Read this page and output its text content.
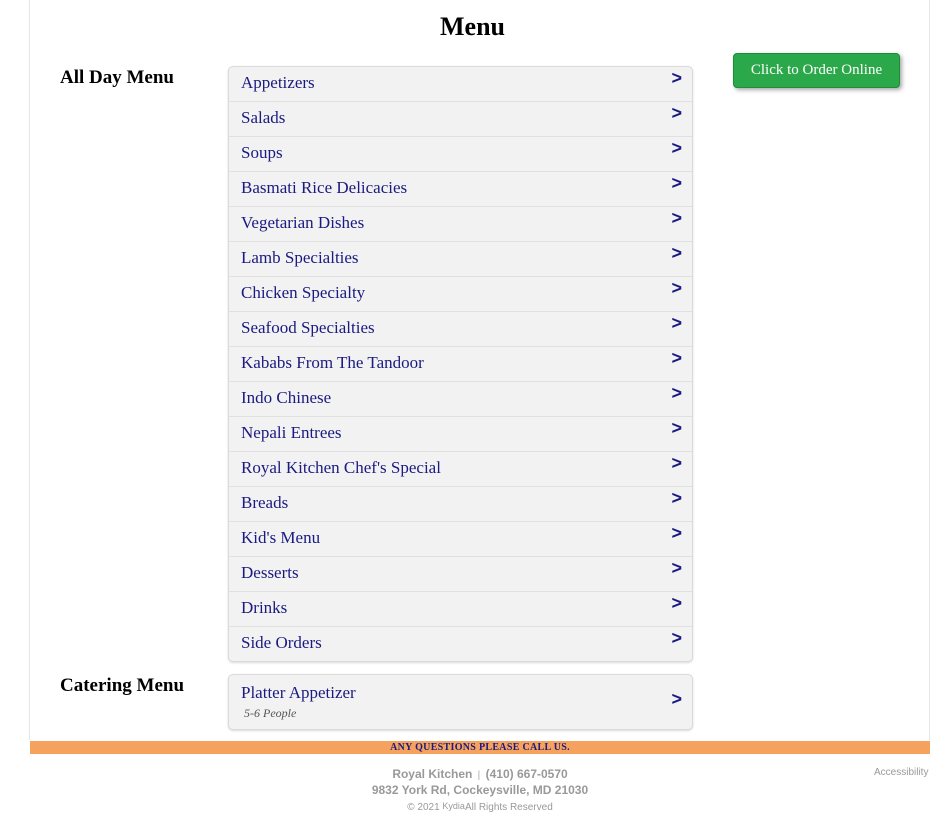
Menu
All Day Menu	Appetizers	>
Salads	>
Soups	>
Basmati Rice Delicacies	>
Vegetarian Dishes	>
Lamb Specialties	>
Chicken Specialty	>
Seafood Specialties	>
Kababs From The Tandoor	>
Indo Chinese	>
Nepali Entrees	>
Royal Kitchen Chef's Special	>
Breads	>
Kid's Menu	>
Desserts	>
Drinks	>
Side Orders	>
Click to Order Online
Catering Menu	Platter Appetizer
5-6 People
>
ANY QUESTIONS PLEASE CALL US.
Royal Kitchen | (410) 667-0570
9832 York Rd, Cockeysville, MD 21030
© 2021 KydiaAll Rights Reserved
Accessibility
